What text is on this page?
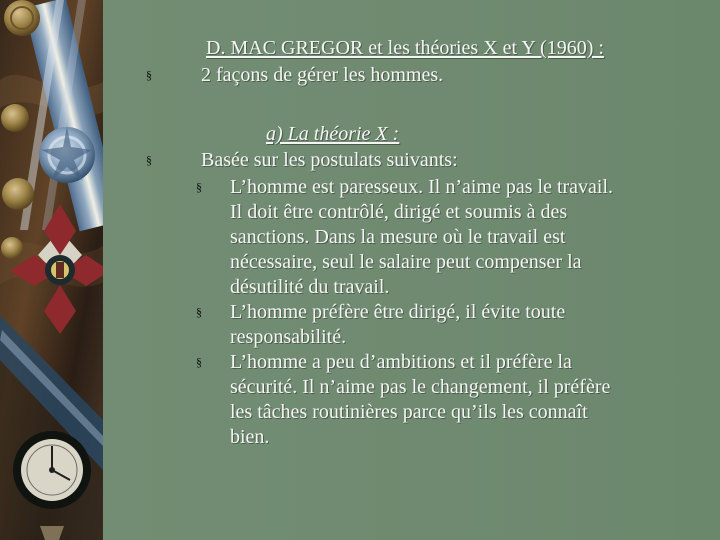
D. MAC GREGOR et les théories X et Y (1960) :
§
2 façons de gérer les hommes.
a) La théorie X :
§
Basée sur les postulats suivants:
§
L’homme est paresseux. Il n’aime pas le travail.
Il doit être contrôlé, dirigé et soumis à des
sanctions. Dans la mesure où le travail est
nécessaire, seul le salaire peut compenser la
désutilité du travail.
§
L’homme préfère être dirigé, il évite toute
responsabilité.
§
L’homme a peu d’ambitions et il préfère la
sécurité. Il n’aime pas le changement, il préfère
les tâches routinières parce qu’ils les connaît
bien.
